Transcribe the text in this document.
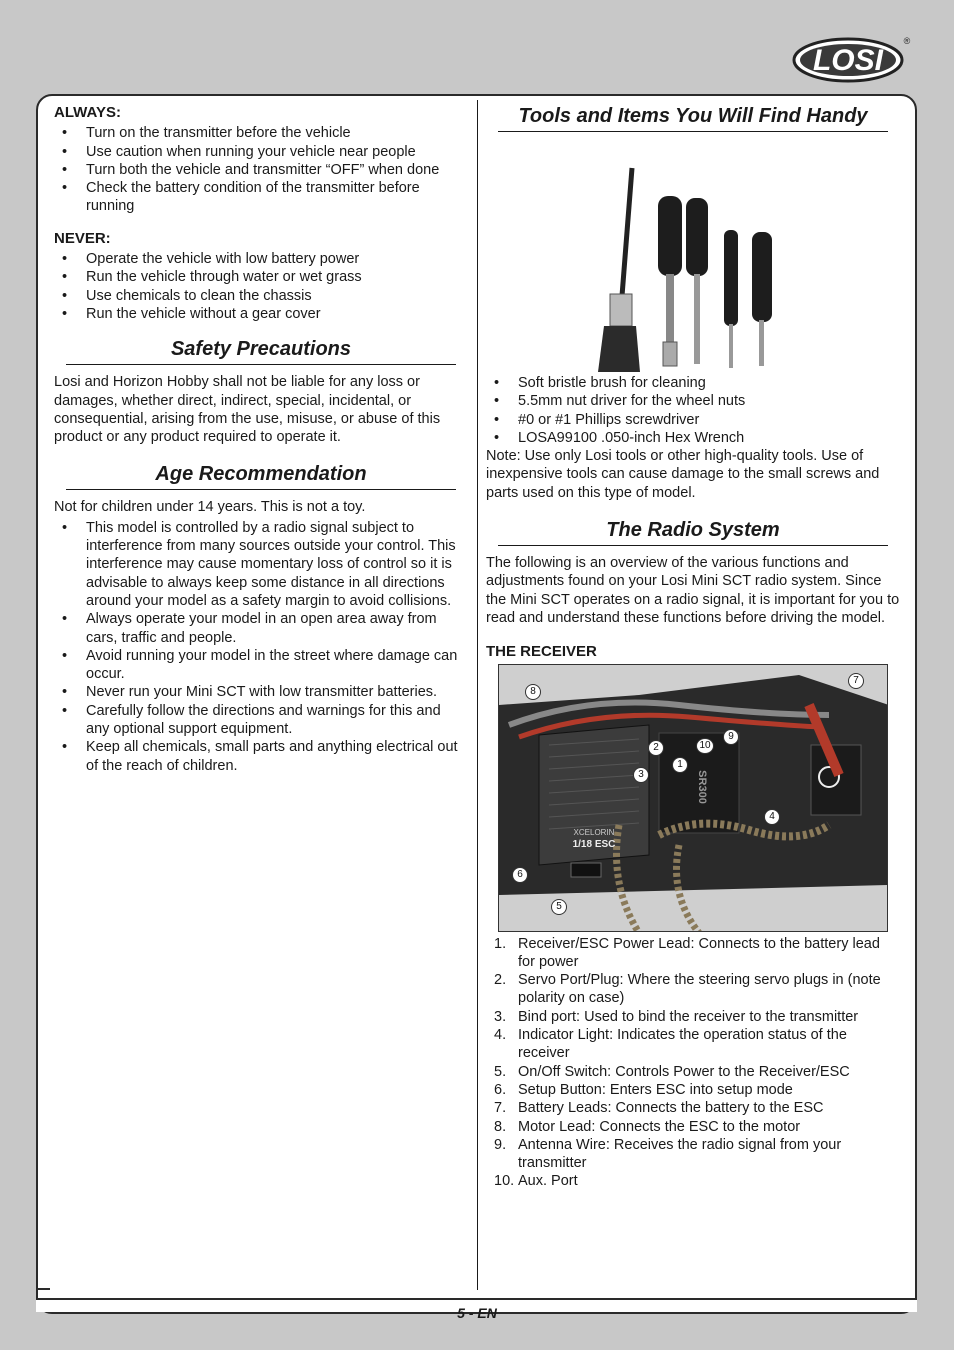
LOSI
®
5 - EN
ALWAYS:
• Turn on the transmitter before the vehicle
• Use caution when running your vehicle near people
• Turn both the vehicle and transmitter “OFF” when done
• Check the battery condition of the transmitter before running
NEVER:
• Operate the vehicle with low battery power
• Run the vehicle through water or wet grass
• Use chemicals to clean the chassis
• Run the vehicle without a gear cover
Safety Precautions

Losi and Horizon Hobby shall not be liable for any loss or damages, whether direct, indirect, special, incidental, or consequential, arising from the use, misuse, or abuse of this product or any product required to operate it.

Age Recommendation

Not for children under 14 years. This is not a toy.

• This model is controlled by a radio signal subject to interference from many sources outside your control. This interference may cause momentary loss of control so it is advisable to always keep some distance in all directions around your model as a safety margin to avoid collisions.
• Always operate your model in an open area away from cars, traffic and people.
• Avoid running your model in the street where damage can occur.
• Never run your Mini SCT with low transmitter batteries.
• Carefully follow the directions and warnings for this and any optional support equipment.
• Keep all chemicals, small parts and anything electrical out of the reach of children.
Tools and Items You Will Find Handy
• Soft bristle brush for cleaning
• 5.5mm nut driver for the wheel nuts
• #0 or #1 Phillips screwdriver
• LOSA99100 .050-inch Hex Wrench

Note: Use only Losi tools or other high-quality tools. Use of inexpensive tools can cause damage to the small screws and parts used on this type of model.

The Radio System

The following is an overview of the various functions and adjustments found on your Losi Mini SCT radio system. Since the Mini SCT operates on a radio signal, it is important for you to read and understand these functions before driving the model.

THE RECEIVER
1/18 ESC
XCELORIN
SR300
7
8
9
10
2
1
3
4
6
5
1. Receiver/ESC Power Lead: Connects to the battery lead for power
2. Servo Port/Plug: Where the steering servo plugs in (note polarity on case)
3. Bind port: Used to bind the receiver to the transmitter
4. Indicator Light: Indicates the operation status of the receiver
5. On/Off Switch: Controls Power to the Receiver/ESC
6. Setup Button: Enters ESC into setup mode
7. Battery Leads: Connects the battery to the ESC
8. Motor Lead: Connects the ESC to the motor
9. Antenna Wire: Receives the radio signal from your transmitter
10. Aux. Port
